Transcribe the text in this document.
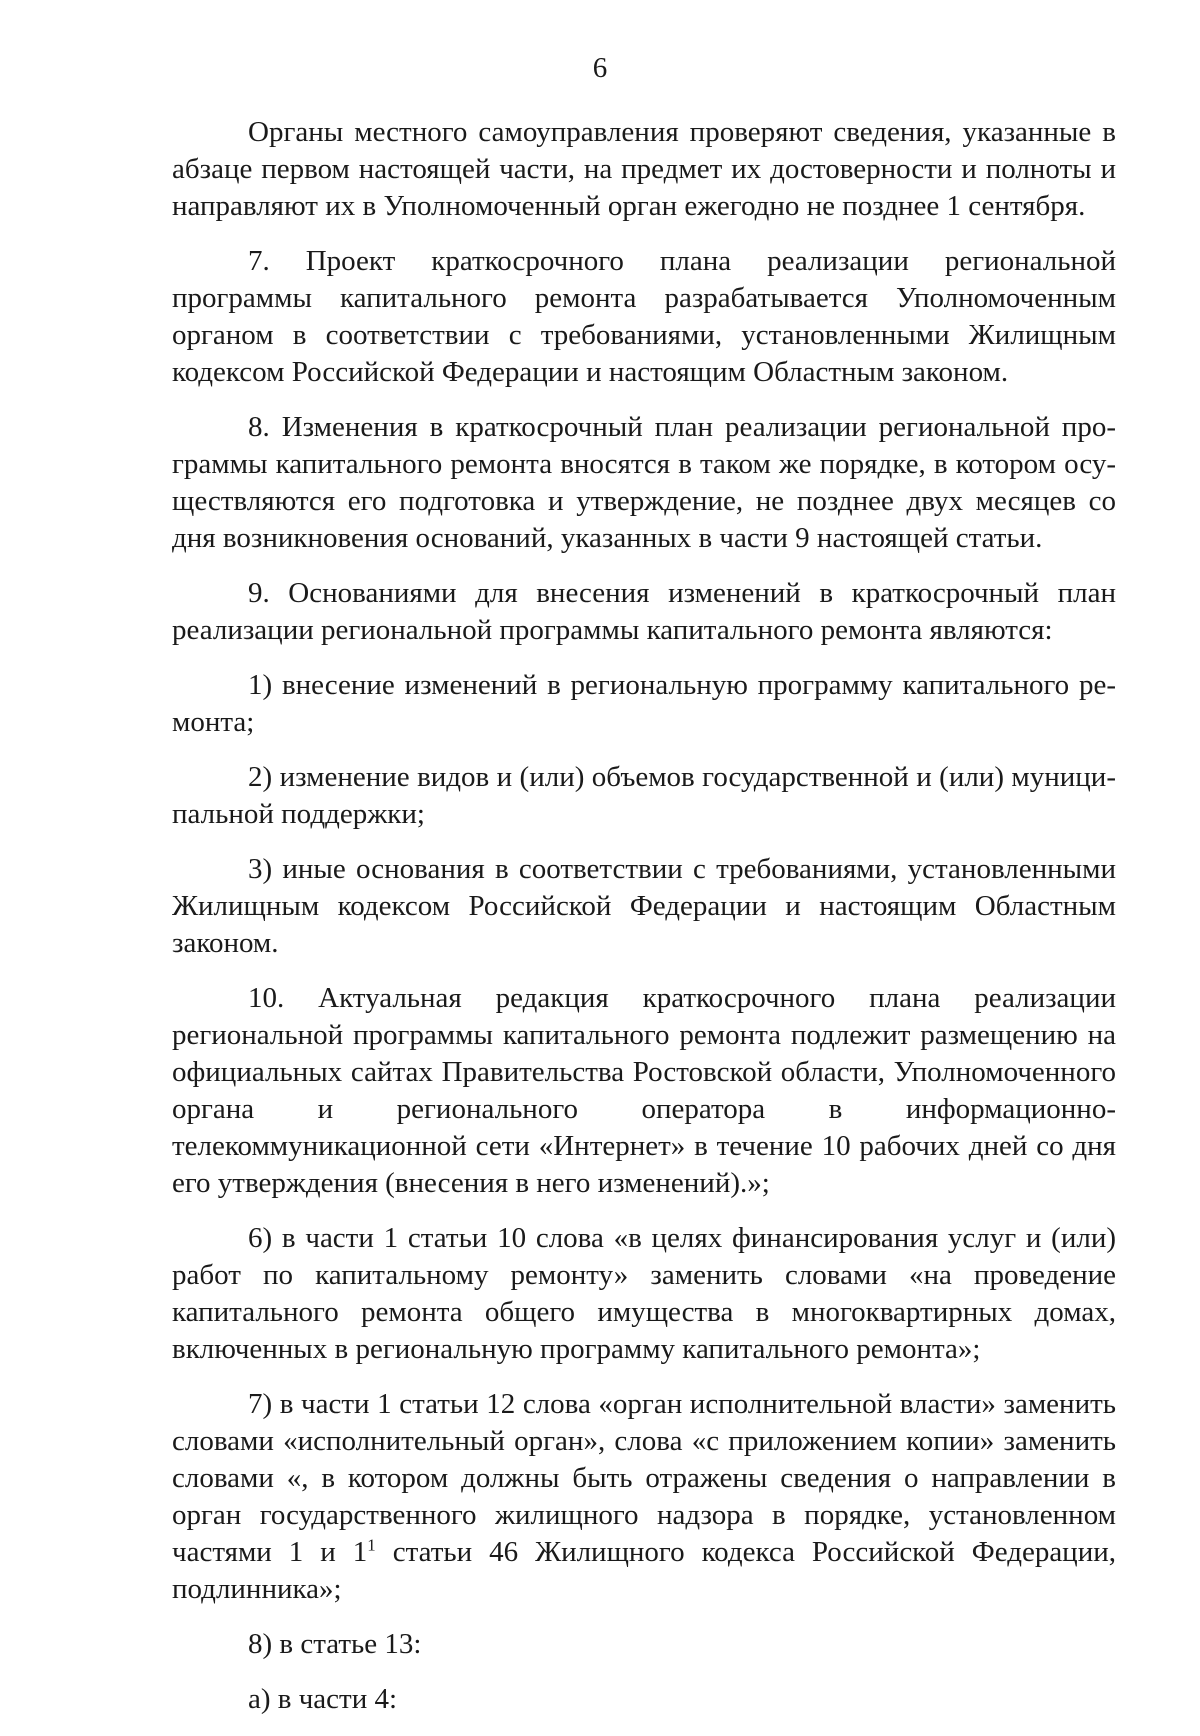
6

Органы местного самоуправления проверяют сведения, указанные в абзаце первом настоящей части, на предмет их достоверности и полноты и направляют их в Уполномоченный орган ежегодно не позднее 1 сентября.

7. Проект краткосрочного плана реализации региональной программы капитального ремонта разрабатывается Уполномоченным органом в соответствии с требованиями, установленными Жилищным кодексом Российской Федерации и настоящим Областным законом.

8. Изменения в краткосрочный план реализации региональной программы капитального ремонта вносятся в таком же порядке, в котором осуществляются его подготовка и утверждение, не позднее двух месяцев со дня возникновения оснований, указанных в части 9 настоящей статьи.

9. Основаниями для внесения изменений в краткосрочный план реализации региональной программы капитального ремонта являются:

1) внесение изменений в региональную программу капитального ремонта;

2) изменение видов и (или) объемов государственной и (или) муниципальной поддержки;

3) иные основания в соответствии с требованиями, установленными Жилищным кодексом Российской Федерации и настоящим Областным законом.

10. Актуальная редакция краткосрочного плана реализации региональной программы капитального ремонта подлежит размещению на официальных сайтах Правительства Ростовской области, Уполномоченного органа и регионального оператора в информационно-телекоммуникационной сети «Интернет» в течение 10 рабочих дней со дня его утверждения (внесения в него изменений).»;

6) в части 1 статьи 10 слова «в целях финансирования услуг и (или) работ по капитальному ремонту» заменить словами «на проведение капитального ремонта общего имущества в многоквартирных домах, включенных в региональную программу капитального ремонта»;

7) в части 1 статьи 12 слова «орган исполнительной власти» заменить словами «исполнительный орган», слова «с приложением копии» заменить словами «, в котором должны быть отражены сведения о направлении в орган государственного жилищного надзора в порядке, установленном частями 1 и $1^1$ статьи 46 Жилищного кодекса Российской Федерации, подлинника»;

8) в статье 13:

а) в части 4:
